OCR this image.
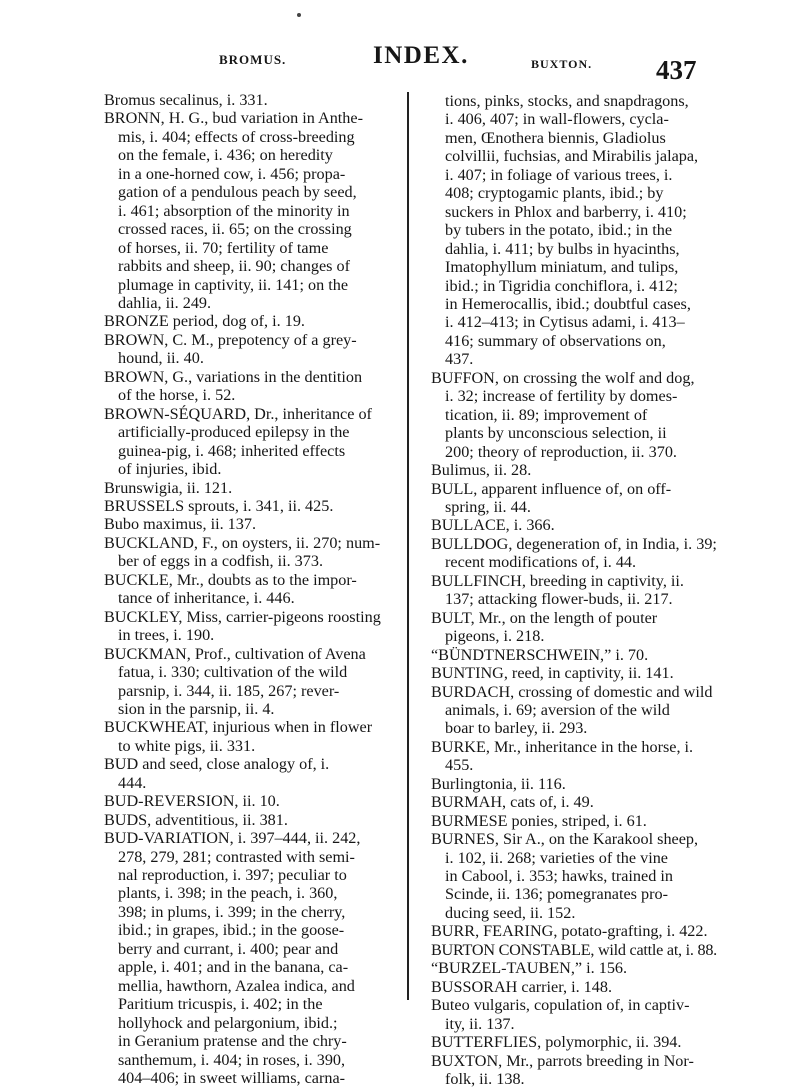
BROMUS.	INDEX.	BUXTON. 437
Bromus secalinus, i. 331.
BRONN, H. G., bud variation in Anthe-
mis, i. 404; effects of cross-breeding
on the female, i. 436; on heredity
in a one-horned cow, i. 456; propa-
gation of a pendulous peach by seed,
i. 461; absorption of the minority in
crossed races, ii. 65; on the crossing
of horses, ii. 70; fertility of tame
rabbits and sheep, ii. 90; changes of
plumage in captivity, ii. 141; on the
dahlia, ii. 249.
BRONZE period, dog of, i. 19.
BROWN, C. M., prepotency of a grey-
hound, ii. 40.
BROWN, G., variations in the dentition
of the horse, i. 52.
BROWN-SÉQUARD, Dr., inheritance of
artificially-produced epilepsy in the
guinea-pig, i. 468; inherited effects
of injuries, ibid.
Brunswigia, ii. 121.
BRUSSELS sprouts, i. 341, ii. 425.
Bubo maximus, ii. 137.
BUCKLAND, F., on oysters, ii. 270; num-
ber of eggs in a codfish, ii. 373.
BUCKLE, Mr., doubts as to the impor-
tance of inheritance, i. 446.
BUCKLEY, Miss, carrier-pigeons roosting
in trees, i. 190.
BUCKMAN, Prof., cultivation of Avena
fatua, i. 330; cultivation of the wild
parsnip, i. 344, ii. 185, 267; rever-
sion in the parsnip, ii. 4.
BUCKWHEAT, injurious when in flower
to white pigs, ii. 331.
BUD and seed, close analogy of, i.
444.
BUD-REVERSION, ii. 10.
BUDS, adventitious, ii. 381.
BUD-VARIATION, i. 397–444, ii. 242,
278, 279, 281; contrasted with semi-
nal reproduction, i. 397; peculiar to
plants, i. 398; in the peach, i. 360,
398; in plums, i. 399; in the cherry,
ibid.; in grapes, ibid.; in the goose-
berry and currant, i. 400; pear and
apple, i. 401; and in the banana, ca-
mellia, hawthorn, Azalea indica, and
Paritium tricuspis, i. 402; in the
hollyhock and pelargonium, ibid.;
in Geranium pratense and the chry-
santhemum, i. 404; in roses, i. 390,
404–406; in sweet williams, carna-
tions, pinks, stocks, and snapdragons,
i. 406, 407; in wall-flowers, cycla-
men, Œnothera biennis, Gladiolus
colvillii, fuchsias, and Mirabilis jalapa,
i. 407; in foliage of various trees, i.
408; cryptogamic plants, ibid.; by
suckers in Phlox and barberry, i. 410;
by tubers in the potato, ibid.; in the
dahlia, i. 411; by bulbs in hyacinths,
Imatophyllum miniatum, and tulips,
ibid.; in Tigridia conchiflora, i. 412;
in Hemerocallis, ibid.; doubtful cases,
i. 412–413; in Cytisus adami, i. 413–
416; summary of observations on,
437.
BUFFON, on crossing the wolf and dog,
i. 32; increase of fertility by domes-
tication, ii. 89; improvement of
plants by unconscious selection, ii
200; theory of reproduction, ii. 370.
Bulimus, ii. 28.
BULL, apparent influence of, on off-
spring, ii. 44.
BULLACE, i. 366.
BULLDOG, degeneration of, in India, i. 39;
recent modifications of, i. 44.
BULLFINCH, breeding in captivity, ii.
137; attacking flower-buds, ii. 217.
BULT, Mr., on the length of pouter
pigeons, i. 218.
“BÜNDTNERSCHWEIN,” i. 70.
BUNTING, reed, in captivity, ii. 141.
BURDACH, crossing of domestic and wild
animals, i. 69; aversion of the wild
boar to barley, ii. 293.
BURKE, Mr., inheritance in the horse, i.
455.
Burlingtonia, ii. 116.
BURMAH, cats of, i. 49.
BURMESE ponies, striped, i. 61.
BURNES, Sir A., on the Karakool sheep,
i. 102, ii. 268; varieties of the vine
in Cabool, i. 353; hawks, trained in
Scinde, ii. 136; pomegranates pro-
ducing seed, ii. 152.
BURR, FEARING, potato-grafting, i. 422.
BURTON CONSTABLE, wild cattle at, i. 88.
“BURZEL-TAUBEN,” i. 156.
BUSSORAH carrier, i. 148.
Buteo vulgaris, copulation of, in captiv-
ity, ii. 137.
BUTTERFLIES, polymorphic, ii. 394.
BUXTON, Mr., parrots breeding in Nor-
folk, ii. 138.
